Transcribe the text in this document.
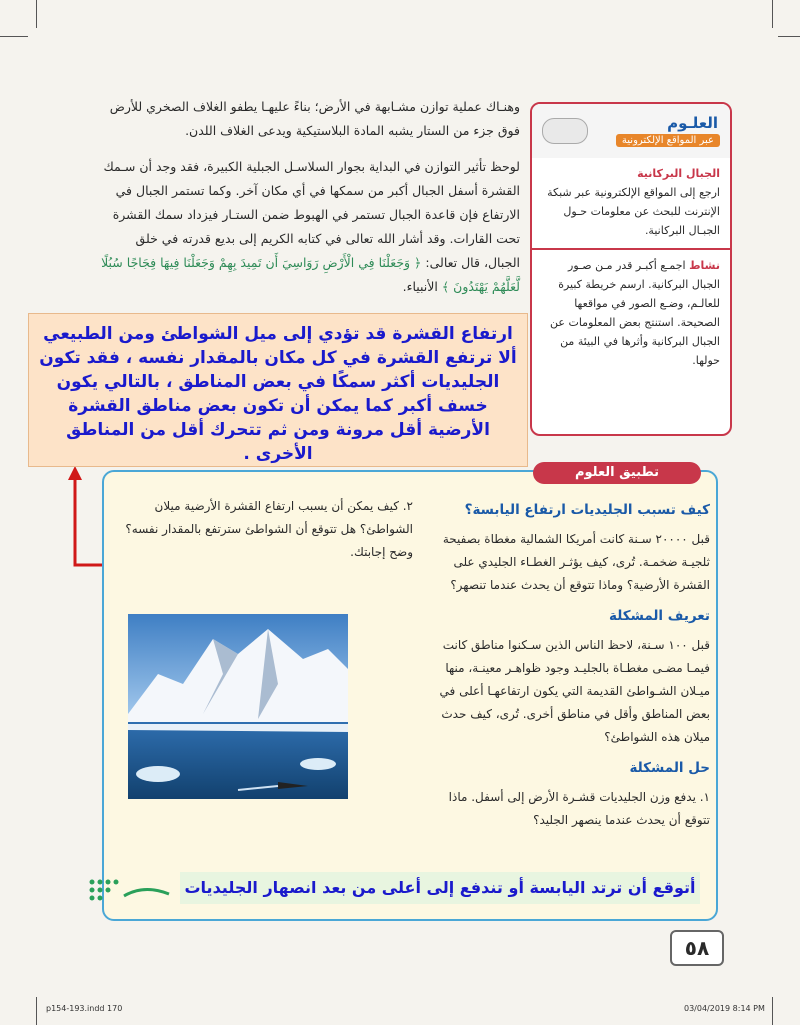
وهنـاك عملية توازن مشـابهة في الأرض؛ بناءً عليهـا يطفو الغلاف الصخري للأرض فوق جزء من الستار يشبه المادة البلاستيكية ويدعى الغلاف اللدن.

لوحظ تأثير التوازن في البداية بجوار السلاسـل الجبلية الكبيرة، فقد وجد أن سـمك القشرة أسفل الجبال أكبر من سمكها في أي مكان آخر. وكما تستمر الجبال في الارتفاع فإن قاعدة الجبال تستمر في الهبوط ضمن الستـار فيزداد سمك القشرة تحت القارات. وقد أشار الله تعالى في كتابه الكريم إلى بديع قدرته في خلق الجبال، قال تعالى: ﴿ وَجَعَلْنَا فِي الْأَرْضِ رَوَاسِيَ أَن تَمِيدَ بِهِمْ وَجَعَلْنَا فِيهَا فِجَاجًا سُبُلًا لَّعَلَّهُمْ يَهْتَدُونَ ﴾ الأنبياء.

العلـوم
عبر المواقع الإلكترونية
الجبال البركانية

ارجع إلى المواقع الإلكترونية عبر شبكة الإنترنت للبحث عن معلومات حـول الجبـال البركانية.

نشاط اجمـع أكبـر قدر مـن صـور الجبال البركانية. ارسم خريطة كبيرة للعالـم، وضـع الصور في مواقعها الصحيحة. استنتج بعض المعلومات عن الجبال البركانية وأثرها في البيئة من حولها.

تطبيق العلوم
ارتفاع القشرة قد تؤدي إلى ميل الشواطئ ومن الطبيعي ألا ترتفع القشرة في كل مكان بالمقدار نفسه ، فقد تكون الجليديات أكثر سمكًا في بعض المناطق ، بالتالي يكون خسف أكبر كما يمكن أن تكون بعض مناطق القشرة الأرضية أقل مرونة ومن ثم تتحرك أقل من المناطق الأخرى .
كيف تسبب الجليديات ارتفاع اليابسة؟

قبل ٢٠٠٠٠ سـنة كانت أمريكا الشمالية مغطاة بصفيحة ثلجيـة ضخمـة. تُرى، كيف يؤثـر الغطـاء الجليدي على القشرة الأرضية؟ وماذا تتوقع أن يحدث عندما تنصهر؟

تعريف المشكلة

قبل ١٠٠ سـنة، لاحظ الناس الذين سـكنوا مناطق كانت فيمـا مضـى مغطـاة بالجليـد وجود ظواهـر معينـة، منها ميـلان الشـواطئ القديمة التي يكون ارتفاعهـا أعلى في بعض المناطق وأقل في مناطق أخرى. تُرى، كيف حدث ميلان هذه الشواطئ؟

حل المشكلة

١. يدفع وزن الجليديات قشـرة الأرض إلى أسفل. ماذا تتوقع أن يحدث عندما ينصهر الجليد؟

٢. كيف يمكن أن يسبب ارتفاع القشرة الأرضية ميلان الشواطئ؟ هل تتوقع أن الشواطئ سترتفع بالمقدار نفسه؟ وضح إجابتك.
أتوقع أن ترتد اليابسة أو تندفع إلى أعلى من بعد انصهار الجليديات
٥٨
p154-193.indd 170	03/04/2019 8:14 PM
